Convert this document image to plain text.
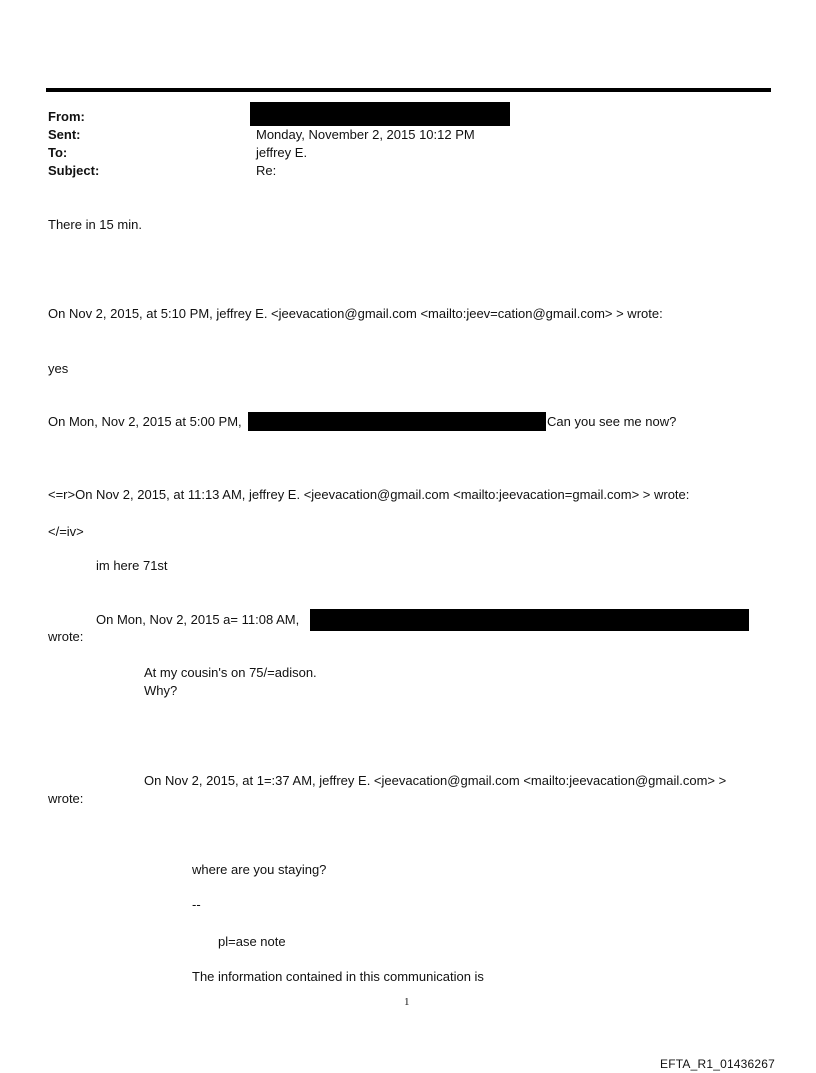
From:
Sent:
To:
Subject:
Monday, November 2, 2015 10:12 PM
jeffrey E.
Re:
There in 15 min.
On Nov 2, 2015, at 5:10 PM, jeffrey E. <jeevacation@gmail.com <mailto:jeev=cation@gmail.com> > wrote:
yes
On Mon, Nov 2, 2015 at 5:00 PM,	Can you see me now?
<=r>On Nov 2, 2015, at 11:13 AM, jeffrey E. <jeevacation@gmail.com <mailto:jeevacation=gmail.com> > wrote:
</=iv>
im here 71st
On Mon, Nov 2, 2015 a= 11:08 AM,
wrote:
At my cousin's on 75/=adison.
Why?
On Nov 2, 2015, at 1=:37 AM, jeffrey E. <jeevacation@gmail.com <mailto:jeevacation@gmail.com> >
wrote:
where are you staying?
--
pl=ase note
The information contained in this communication is
1
EFTA_R1_01436267
